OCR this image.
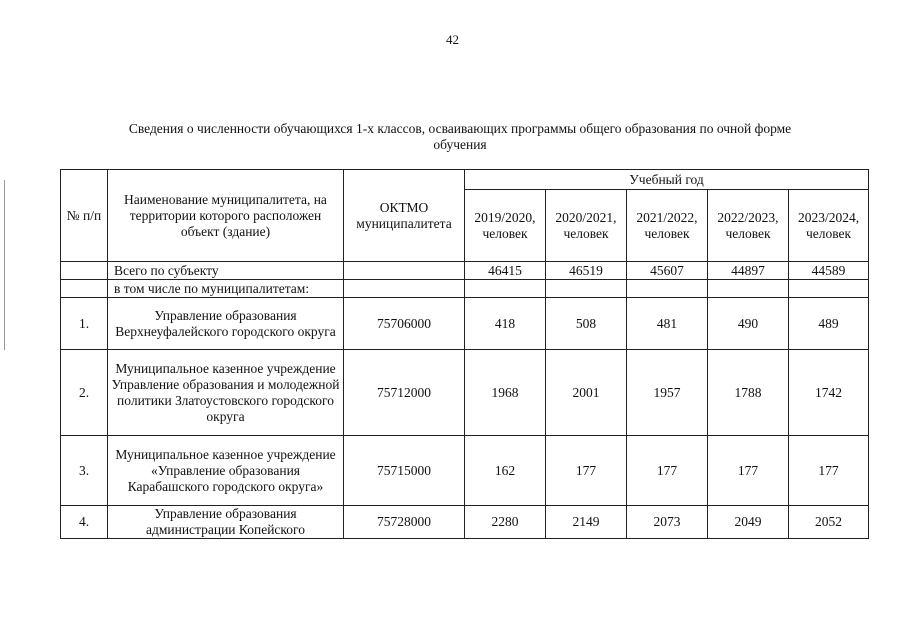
42
Сведения о численности обучающихся 1-х классов, осваивающих программы общего образования по очной форме
обучения
№ п/п	Наименование муниципалитета, на территории которого расположен объект (здание)	ОКТМО муниципалитета	Учебный год				
			2019/2020, человек	2020/2021, человек	2021/2022, человек	2022/2023, человек	2023/2024, человек
	Всего по субъекту		46415	46519	45607	44897	44589
	в том числе по муниципалитетам:						
1.	Управление образования Верхнеуфалейского городского округа	75706000	418	508	481	490	489
2.	Муниципальное казенное учреждение Управление образования и молодежной политики Златоустовского городского округа	75712000	1968	2001	1957	1788	1742
3.	Муниципальное казенное учреждение «Управление образования Карабашского городского округа»	75715000	162	177	177	177	177
4.	Управление образования администрации Копейского	75728000	2280	2149	2073	2049	2052
